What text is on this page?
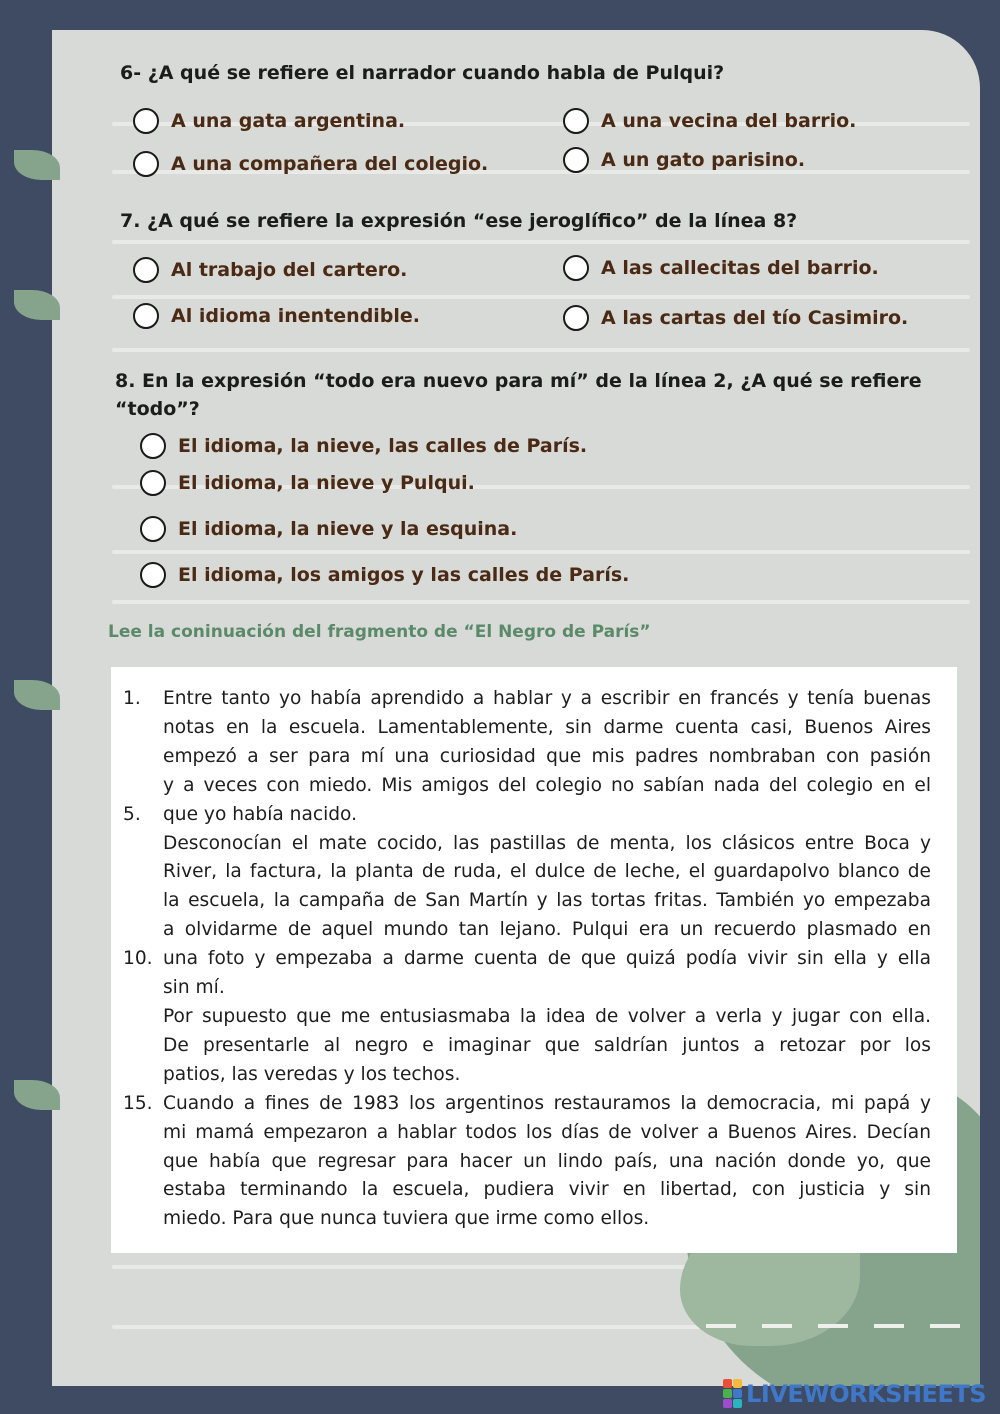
6- ¿A qué se refiere el narrador cuando habla de Pulqui?
A una gata argentina.	A una vecina del barrio.
A una compañera del colegio.	A un gato parisino.
7. ¿A qué se refiere la expresión “ese jeroglífico” de la línea 8?
Al trabajo del cartero.	A las callecitas del barrio.
Al idioma inentendible.	A las cartas del tío Casimiro.
8. En la expresión “todo era nuevo para mí” de la línea 2, ¿A qué se refiere
“todo”?
El idioma, la nieve, las calles de París.
El idioma, la nieve y Pulqui.
El idioma, la nieve y la esquina.
El idioma, los amigos y las calles de París.
Lee la coninuación del fragmento de “El Negro de París”
1.	Entre tanto yo había aprendido a hablar y a escribir en francés y tenía buenas
notas en la escuela. Lamentablemente, sin darme cuenta casi, Buenos Aires
empezó a ser para mí una curiosidad que mis padres nombraban con pasión
y a veces con miedo. Mis amigos del colegio no sabían nada del colegio en el
5.	que yo había nacido.
Desconocían el mate cocido, las pastillas de menta, los clásicos entre Boca y
River, la factura, la planta de ruda, el dulce de leche, el guardapolvo blanco de
la escuela, la campaña de San Martín y las tortas fritas. También yo empezaba
a olvidarme de aquel mundo tan lejano. Pulqui era un recuerdo plasmado en
10. una foto y empezaba a darme cuenta de que quizá podía vivir sin ella y ella
sin mí.
Por supuesto que me entusiasmaba la idea de volver a verla y jugar con ella.
De presentarle al negro e imaginar que saldrían juntos a retozar por los
patios, las veredas y los techos.
15. Cuando a fines de 1983 los argentinos restauramos la democracia, mi papá y
mi mamá empezaron a hablar todos los días de volver a Buenos Aires. Decían
que había que regresar para hacer un lindo país, una nación donde yo, que
estaba terminando la escuela, pudiera vivir en libertad, con justicia y sin
miedo. Para que nunca tuviera que irme como ellos.
LIVEWORKSHEETS
